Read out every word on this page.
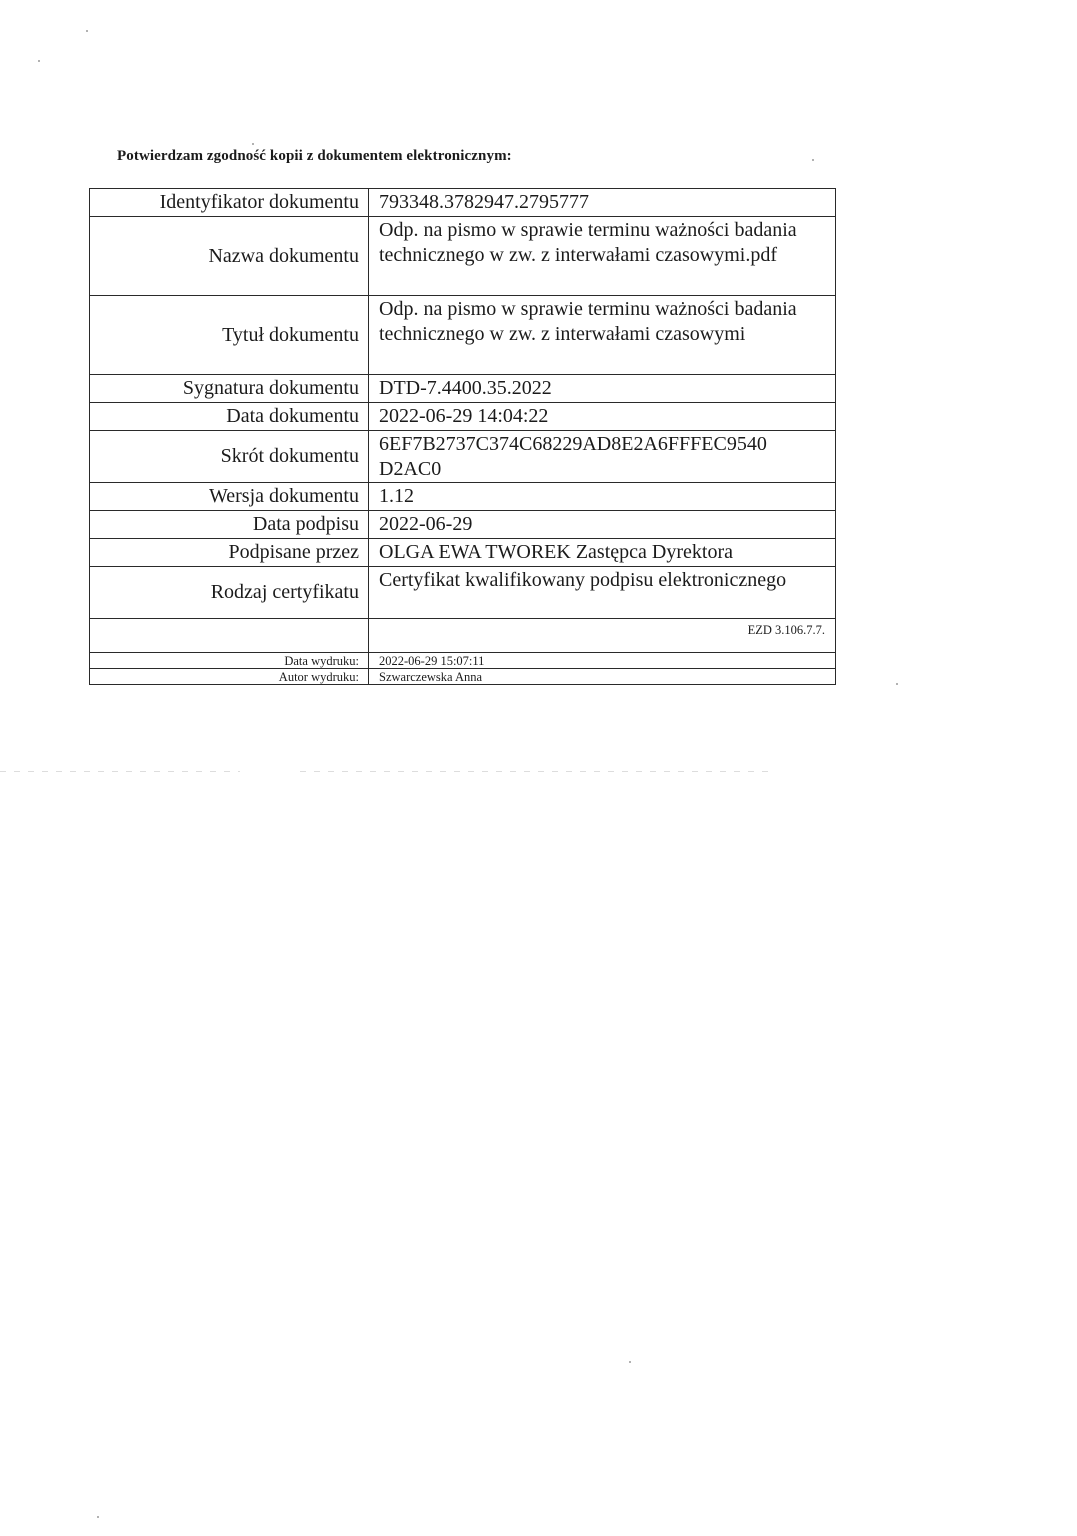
Potwierdzam zgodność kopii z dokumentem elektronicznym:
Identyfikator dokumentu	793348.3782947.2795777
Nazwa dokumentu	Odp. na pismo w sprawie terminu ważności badania technicznego w zw. z interwałami czasowymi.pdf
Tytuł dokumentu	Odp. na pismo w sprawie terminu ważności badania technicznego w zw. z interwałami czasowymi
Sygnatura dokumentu	DTD-7.4400.35.2022
Data dokumentu	2022-06-29 14:04:22
Skrót dokumentu	6EF7B2737C374C68229AD8E2A6FFFEC9540 D2AC0
Wersja dokumentu	1.12
Data podpisu	2022-06-29
Podpisane przez	OLGA EWA TWOREK Zastępca Dyrektora
Rodzaj certyfikatu	Certyfikat kwalifikowany podpisu elektronicznego
	EZD 3.106.7.7.
Data wydruku:	2022-06-29 15:07:11
Autor wydruku:	Szwarczewska Anna
